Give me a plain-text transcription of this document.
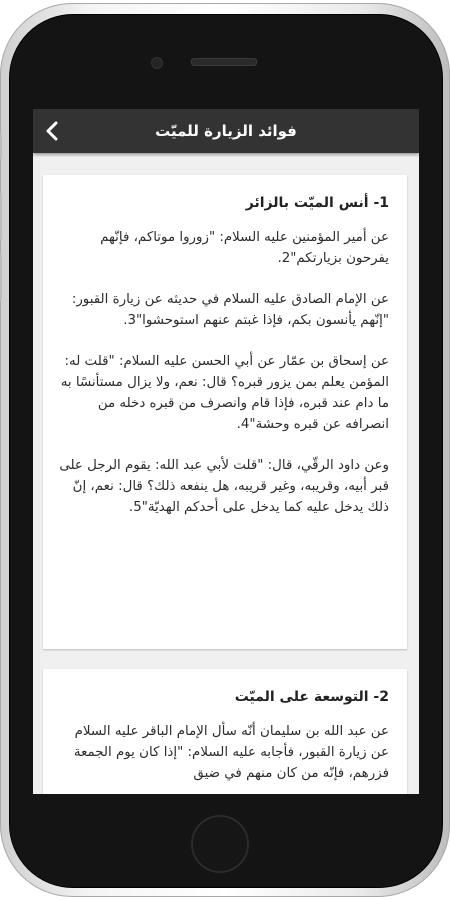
فوائد الزيارة للميّت
1- أنس الميّت بالزائر

عن أمير المؤمنين عليه السلام: "زوروا موتاكم، فإنّهم يفرحون بزيارتكم"2.

عن الإمام الصادق عليه السلام في حديثه عن زيارة القبور: "إنّهم يأنسون بكم، فإذا غبتم عنهم استوحشوا"3.

عن إسحاق بن عمّار عن أبي الحسن عليه السلام: "قلت له: المؤمن يعلم بمن يزور قبره؟ قال: نعم، ولا يزال مستأنسًا به ما دام عند قبره، فإذا قام وانصرف من قبره دخله من انصرافه عن قبره وحشة"4.

وعن داود الرقّي، قال: "قلت لأبي عبد الله: يقوم الرجل على قبر أبيه، وقريبه، وغير قريبه، هل ينفعه ذلك؟ قال: نعم، إنّ ذلك يدخل عليه كما يدخل على أحدكم الهديّة"5.

2- التوسعة على الميّت

عن عبد الله بن سليمان أنّه سأل الإمام الباقر عليه السلام عن زيارة القبور، فأجابه عليه السلام: "إذا كان يوم الجمعة فزرهم، فإنّه من كان منهم في ضيق
